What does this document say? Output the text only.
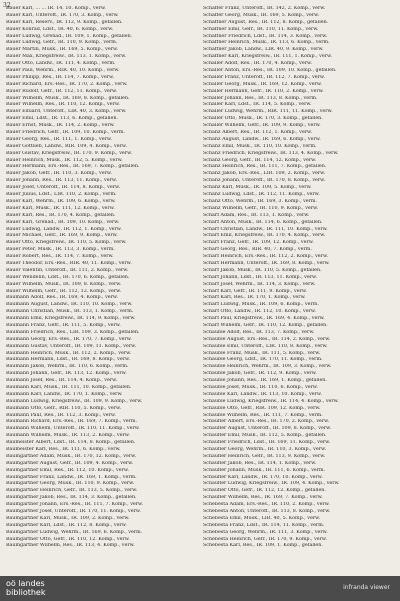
32
Bauer Karl, ... ... IR. 14, 10. Komp., verw.
Bauer Karl, Unteroff., IR. 170, 3. Komp., verw.
Bauer Karl, Reserv., IR. 112, 9. Komp., gefallen.
Bauer Konrad, Ldst., IR. 40, 6. Komp., verw.
Bauer Ludwig, Grenad., IR. 109, 1. Komp., gefallen.
Bauer Ludwig, Gefr., IR. 110, 9. Komp., verm.
Bauer Martin, Musk., IR. 169, 5. Komp., verw.
Bauer Max, Kriegsfreiw., IR. 113, 1. Komp., verw.
Bauer Otto, Landw., IR. 111, 4. Komp., verm.
Bauer Paul, Wehrm., RIR. 40, 10. Komp., verw.
Bauer Philipp, Res., IR. 114, 7. Komp., verw.
Bauer Richard, Ers.-Res., IR. 170, 2. Komp., verw.
Bauer Rudolf, Gefr., IR. 112, 11. Komp., verw.
Bauer Wilhelm, Musk., IR. 169, 8. Komp., gefallen.
Bauer Wilhelm, Res., IR. 110, 12. Komp., verw.
Bauer Eduard, Unteroff., LIR. 40, 3. Komp., verw.
Bauer Emil, Ldst., IR. 113, 6. Komp., gefallen.
Bauer Ernst, Musk., IR. 114, 2. Komp., verw.
Bauer Friedrich, Gefr., IR. 109, 10. Komp., verm.
Bauer Georg, Res., IR. 111, 1. Komp., verw.
Bauer Gottlieb, Landw., RIR. 109, 4. Komp., verw.
Bauer Gustav, Kriegsfreiw., IR. 170, 9. Komp., verw.
Bauer Heinrich, Musk., IR. 112, 5. Komp., verw.
Bauer Hermann, Ers.-Res., IR. 169, 7. Komp., gefallen.
Bauer Jakob, Gefr., IR. 110, 3. Komp., verw.
Bauer Johann, Res., IR. 113, 11. Komp., verw.
Bauer Josef, Unteroff., IR. 114, 8. Komp., verw.
Bauer Julius, Ldst., LIR. 110, 2. Komp., verm.
Bauer Karl, Wehrm., IR. 109, 6. Komp., verw.
Bauer Karl, Musk., IR. 111, 12. Komp., verw.
Bauer Karl, Res., IR. 170, 4. Komp., gefallen.
Bauer Karl, Grenad., IR. 109, 10. Komp., verw.
Bauer Ludwig, Landw., IR. 112, 1. Komp., verw.
Bauer Michael, Gefr., IR. 169, 9. Komp., verw.
Bauer Otto, Kriegsfreiw., IR. 110, 5. Komp., verw.
Bauer Peter, Musk., IR. 113, 3. Komp., verm.
Bauer Robert, Res., IR. 114, 7. Komp., verw.
Bauer Theodor, Ers.-Res., RIR. 40, 11. Komp., verw.
Bauer Valentin, Unteroff., IR. 111, 2. Komp., verw.
Bauer Wendelin, Ldst., IR. 170, 6. Komp., gefallen.
Bauer Wilhelm, Musk., IR. 109, 8. Komp., verw.
Bauer Wilhelm, Gefr., IR. 112, 12. Komp., verw.
Baumann Adolf, Res., IR. 169, 4. Komp., verw.
Baumann August, Landw., IR. 110, 10. Komp., verw.
Baumann Christian, Musk., IR. 113, 1. Komp., verm.
Baumann Emil, Kriegsfreiw., IR. 114, 9. Komp., verw.
Baumann Franz, Gefr., IR. 111, 5. Komp., verw.
Baumann Friedrich, Res., LIR. 109, 3. Komp., gefallen.
Baumann Georg, Ers.-Res., IR. 170, 7. Komp., verw.
Baumann Gustav, Unteroff., IR. 109, 11. Komp., verw.
Baumann Heinrich, Musk., IR. 112, 2. Komp., verw.
Baumann Hermann, Ldst., IR. 169, 8. Komp., verw.
Baumann Jakob, Wehrm., IR. 110, 6. Komp., verm.
Baumann Johann, Gefr., IR. 113, 12. Komp., verw.
Baumann Josef, Res., IR. 114, 4. Komp., verw.
Baumann Karl, Musk., IR. 111, 10. Komp., gefallen.
Baumann Karl, Landw., IR. 170, 1. Komp., verw.
Baumann Ludwig, Kriegsfreiw., IR. 109, 9. Komp., verw.
Baumann Otto, Gefr., RIR. 110, 5. Komp., verw.
Baumann Paul, Res., IR. 112, 3. Komp., verw.
Baumann Richard, Ers.-Res., IR. 169, 7. Komp., verm.
Baumann Wilhelm, Unteroff., IR. 110, 11. Komp., verw.
Baumann Wilhelm, Musk., IR. 113, 2. Komp., verw.
Baumeister Albert, Ldst., IR. 114, 8. Komp., gefallen.
Baumeister Karl, Res., IR. 111, 6. Komp., verw.
Baumgärtner Adam, Musk., IR. 170, 12. Komp., verw.
Baumgärtner August, Gefr., IR. 109, 4. Komp., verw.
Baumgärtner Emil, Res., IR. 112, 10. Komp., verw.
Baumgärtner Franz, Landw., IR. 169, 1. Komp., verm.
Baumgärtner Georg, Musk., IR. 110, 9. Komp., verw.
Baumgärtner Heinrich, Gefr., IR. 113, 5. Komp., verw.
Baumgärtner Jakob, Res., IR. 114, 3. Komp., gefallen.
Baumgärtner Johann, Ers.-Res., IR. 111, 7. Komp., verw.
Baumgärtner Josef, Unteroff., IR. 170, 11. Komp., verw.
Baumgärtner Karl, Musk., IR. 109, 2. Komp., verw.
Baumgärtner Karl, Ldst., IR. 112, 8. Komp., verw.
Baumgärtner Ludwig, Wehrm., IR. 169, 6. Komp., verm.
Baumgärtner Otto, Gefr., IR. 110, 12. Komp., verw.
Baumgärtner Wilhelm, Res., IR. 113, 4. Komp., verw.
Schaffer Franz, Unteroff., IR. 142, 2. Komp., verw.
Schaffer Georg, Musk., IR. 169, 5. Komp., verw.
Schaffner August, Res., IR. 112, 8. Komp., gefallen.
Schaffner Emil, Gefr., IR. 110, 11. Komp., verw.
Schaffner Friedrich, Ldst., IR. 114, 3. Komp., verw.
Schaffner Heinrich, Musk., IR. 113, 6. Komp., verm.
Schaffner Jakob, Landw., LIR. 40, 9. Komp., verw.
Schaffner Karl, Kriegsfreiw., IR. 111, 1. Komp., verw.
Schaller Adolf, Res., IR. 170, 4. Komp., verw.
Schaller Anton, Ers.-Res., IR. 109, 10. Komp., gefallen.
Schaller Franz, Unteroff., IR. 112, 7. Komp., verw.
Schaller Georg, Musk., IR. 169, 12. Komp., verw.
Schaller Hermann, Gefr., IR. 110, 2. Komp., verw.
Schaller Johann, Res., IR. 113, 8. Komp., verm.
Schaller Karl, Ldst., IR. 114, 5. Komp., verw.
Schaller Ludwig, Wehrm., RIR. 111, 11. Komp., verw.
Schaller Otto, Musk., IR. 170, 3. Komp., gefallen.
Schaller Wilhelm, Gefr., IR. 109, 9. Komp., verw.
Schanz Albert, Res., IR. 112, 1. Komp., verw.
Schanz August, Landw., IR. 169, 6. Komp., verw.
Schanz Emil, Musk., IR. 110, 10. Komp., verm.
Schanz Friedrich, Kriegsfreiw., IR. 113, 4. Komp., verw.
Schanz Georg, Gefr., IR. 114, 12. Komp., verw.
Schanz Heinrich, Res., IR. 111, 7. Komp., gefallen.
Schanz Jakob, Ers.-Res., LIR. 109, 2. Komp., verw.
Schanz Johann, Unteroff., IR. 170, 8. Komp., verw.
Schanz Karl, Musk., IR. 109, 5. Komp., verw.
Schanz Ludwig, Ldst., IR. 112, 11. Komp., verw.
Schanz Otto, Wehrm., IR. 169, 3. Komp., verm.
Schanz Wilhelm, Gefr., IR. 110, 9. Komp., verw.
Scharf Adam, Res., IR. 113, 1. Komp., verw.
Scharf Anton, Musk., IR. 114, 6. Komp., gefallen.
Scharf Christian, Landw., IR. 111, 10. Komp., verw.
Scharf Emil, Kriegsfreiw., IR. 170, 4. Komp., verw.
Scharf Franz, Gefr., IR. 109, 12. Komp., verw.
Scharf Georg, Res., RIR. 40, 7. Komp., verm.
Scharf Heinrich, Ers.-Res., IR. 112, 2. Komp., verw.
Scharf Hermann, Unteroff., IR. 169, 8. Komp., verw.
Scharf Jakob, Musk., IR. 110, 5. Komp., gefallen.
Scharf Johann, Ldst., IR. 113, 11. Komp., verw.
Scharf Josef, Wehrm., IR. 114, 3. Komp., verw.
Scharf Karl, Gefr., IR. 111, 9. Komp., verw.
Scharf Karl, Res., IR. 170, 1. Komp., verw.
Scharf Ludwig, Musk., IR. 109, 6. Komp., verm.
Scharf Otto, Landw., IR. 112, 10. Komp., verw.
Scharf Paul, Kriegsfreiw., IR. 169, 4. Komp., verw.
Scharf Wilhelm, Gefr., IR. 110, 12. Komp., gefallen.
Schauble Adolf, Res., IR. 113, 7. Komp., verw.
Schauble August, Ers.-Res., IR. 114, 2. Komp., verw.
Schauble Emil, Unteroff., LIR. 110, 8. Komp., verw.
Schauble Franz, Musk., IR. 111, 5. Komp., verw.
Schauble Georg, Ldst., IR. 170, 11. Komp., verm.
Schauble Heinrich, Wehrm., IR. 109, 3. Komp., verw.
Schauble Jakob, Gefr., IR. 112, 9. Komp., verw.
Schauble Johann, Res., IR. 169, 1. Komp., gefallen.
Schauble Josef, Musk., IR. 110, 6. Komp., verw.
Schauble Karl, Landw., IR. 113, 10. Komp., verw.
Schauble Ludwig, Kriegsfreiw., IR. 114, 4. Komp., verw.
Schauble Otto, Gefr., RIR. 109, 12. Komp., verw.
Schauble Wilhelm, Res., IR. 111, 7. Komp., verm.
Schaufler Albert, Ers.-Res., IR. 170, 2. Komp., verw.
Schaufler August, Unteroff., IR. 109, 8. Komp., verw.
Schaufler Emil, Musk., IR. 112, 5. Komp., gefallen.
Schaufler Friedrich, Ldst., IR. 169, 11. Komp., verw.
Schaufler Georg, Wehrm., IR. 110, 3. Komp., verw.
Schaufler Heinrich, Gefr., IR. 113, 9. Komp., verw.
Schaufler Jakob, Res., IR. 114, 1. Komp., verw.
Schaufler Johann, Musk., IR. 111, 6. Komp., verm.
Schaufler Karl, Landw., IR. 170, 10. Komp., verw.
Schaufler Ludwig, Kriegsfreiw., IR. 109, 4. Komp., verw.
Schaufler Otto, Gefr., IR. 112, 12. Komp., gefallen.
Schaufler Wilhelm, Res., IR. 169, 7. Komp., verw.
Schebesta Adam, Ers.-Res., IR. 110, 2. Komp., verw.
Schebesta Anton, Unteroff., IR. 113, 8. Komp., verw.
Schebesta Emil, Musk., LIR. 40, 5. Komp., verw.
Schebesta Franz, Ldst., IR. 114, 11. Komp., verm.
Schebesta Georg, Wehrm., IR. 111, 3. Komp., verw.
Schebesta Heinrich, Gefr., IR. 170, 9. Komp., verw.
Schebesta Karl, Res., IR. 109, 1. Komp., gefallen.
oö landes
bibliothek
infranda viewer
